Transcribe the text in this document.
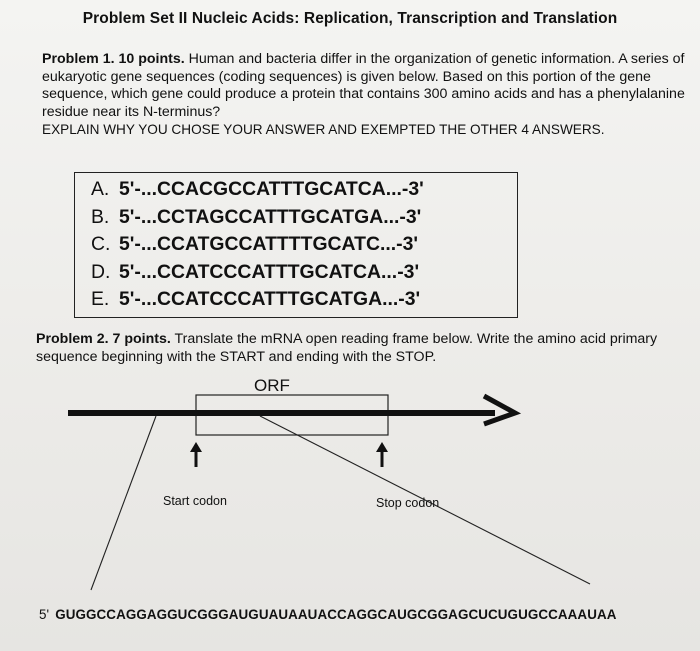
Problem Set II Nucleic Acids: Replication, Transcription and Translation
Problem 1. 10 points. Human and bacteria differ in the organization of genetic information. A series of eukaryotic gene sequences (coding sequences) is given below. Based on this portion of the gene sequence, which gene could produce a protein that contains 300 amino acids and has a phenylalanine residue near its N-terminus?
EXPLAIN WHY YOU CHOSE YOUR ANSWER AND EXEMPTED THE OTHER 4 ANSWERS.
A. 5'-...CCACGCCATTTGCATCA...-3'
B. 5'-...CCTAGCCATTTGCATGA...-3'
C. 5'-...CCATGCCATTTTGCATC...-3'
D. 5'-...CCATCCCATTTGCATCA...-3'
E. 5'-...CCATCCCATTTGCATGA...-3'
Problem 2. 7 points. Translate the mRNA open reading frame below. Write the amino acid primary sequence beginning with the START and ending with the STOP.
ORF
Start codon	Stop codon
5' GUGGCCAGGAGGUCGGGAUGUAUAAUACCAGGCAUGCGGAGCUCUGUGCCAAAUAA
